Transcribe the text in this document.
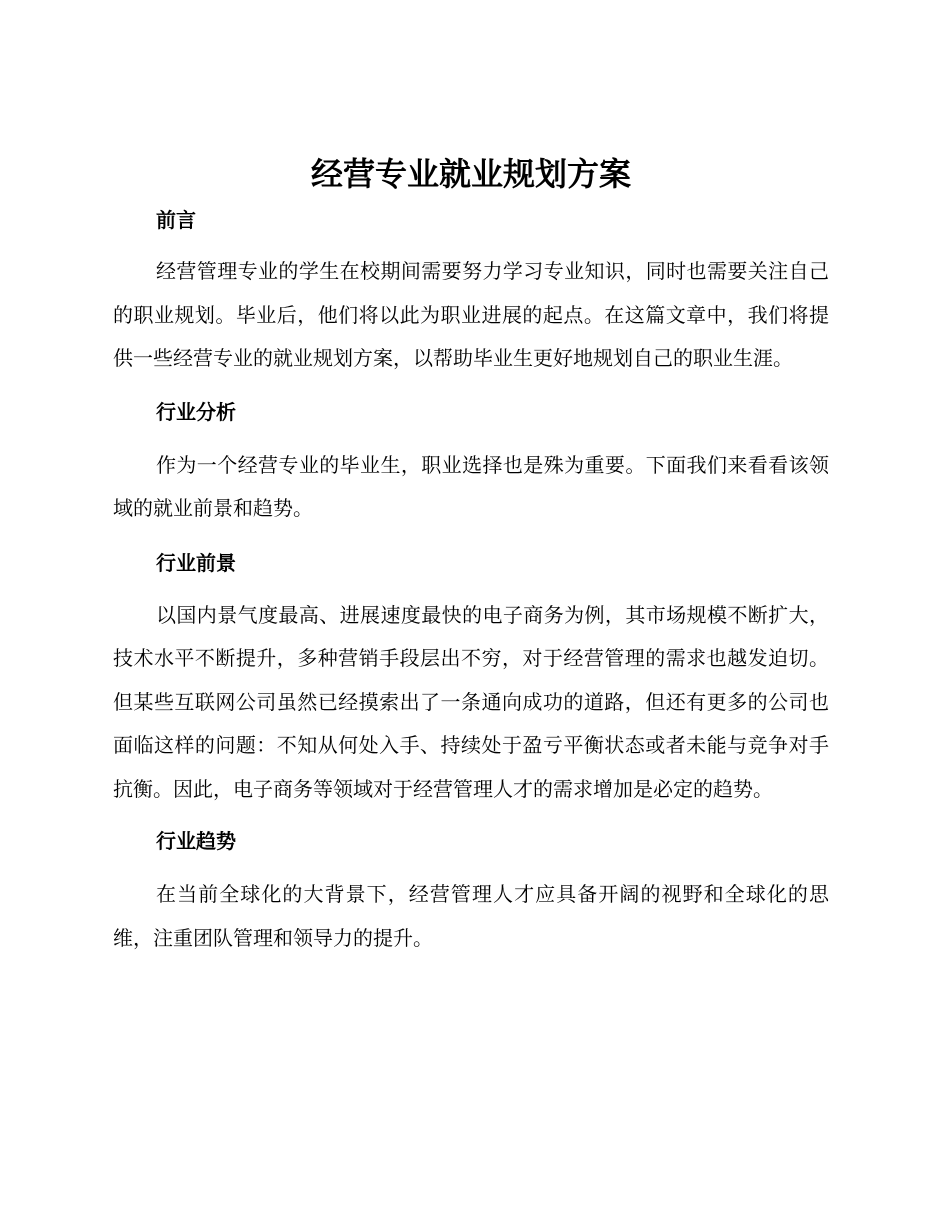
经营专业就业规划方案
前言

经营管理专业的学生在校期间需要努力学习专业知识，同时也需要关注自己的职业规划。毕业后，他们将以此为职业进展的起点。在这篇文章中，我们将提供一些经营专业的就业规划方案，以帮助毕业生更好地规划自己的职业生涯。

行业分析

作为一个经营专业的毕业生，职业选择也是殊为重要。下面我们来看看该领域的就业前景和趋势。

行业前景

以国内景气度最高、进展速度最快的电子商务为例，其市场规模不断扩大，技术水平不断提升，多种营销手段层出不穷，对于经营管理的需求也越发迫切。但某些互联网公司虽然已经摸索出了一条通向成功的道路，但还有更多的公司也面临这样的问题：不知从何处入手、持续处于盈亏平衡状态或者未能与竞争对手抗衡。因此，电子商务等领域对于经营管理人才的需求增加是必定的趋势。

行业趋势

在当前全球化的大背景下，经营管理人才应具备开阔的视野和全球化的思维，注重团队管理和领导力的提升。
